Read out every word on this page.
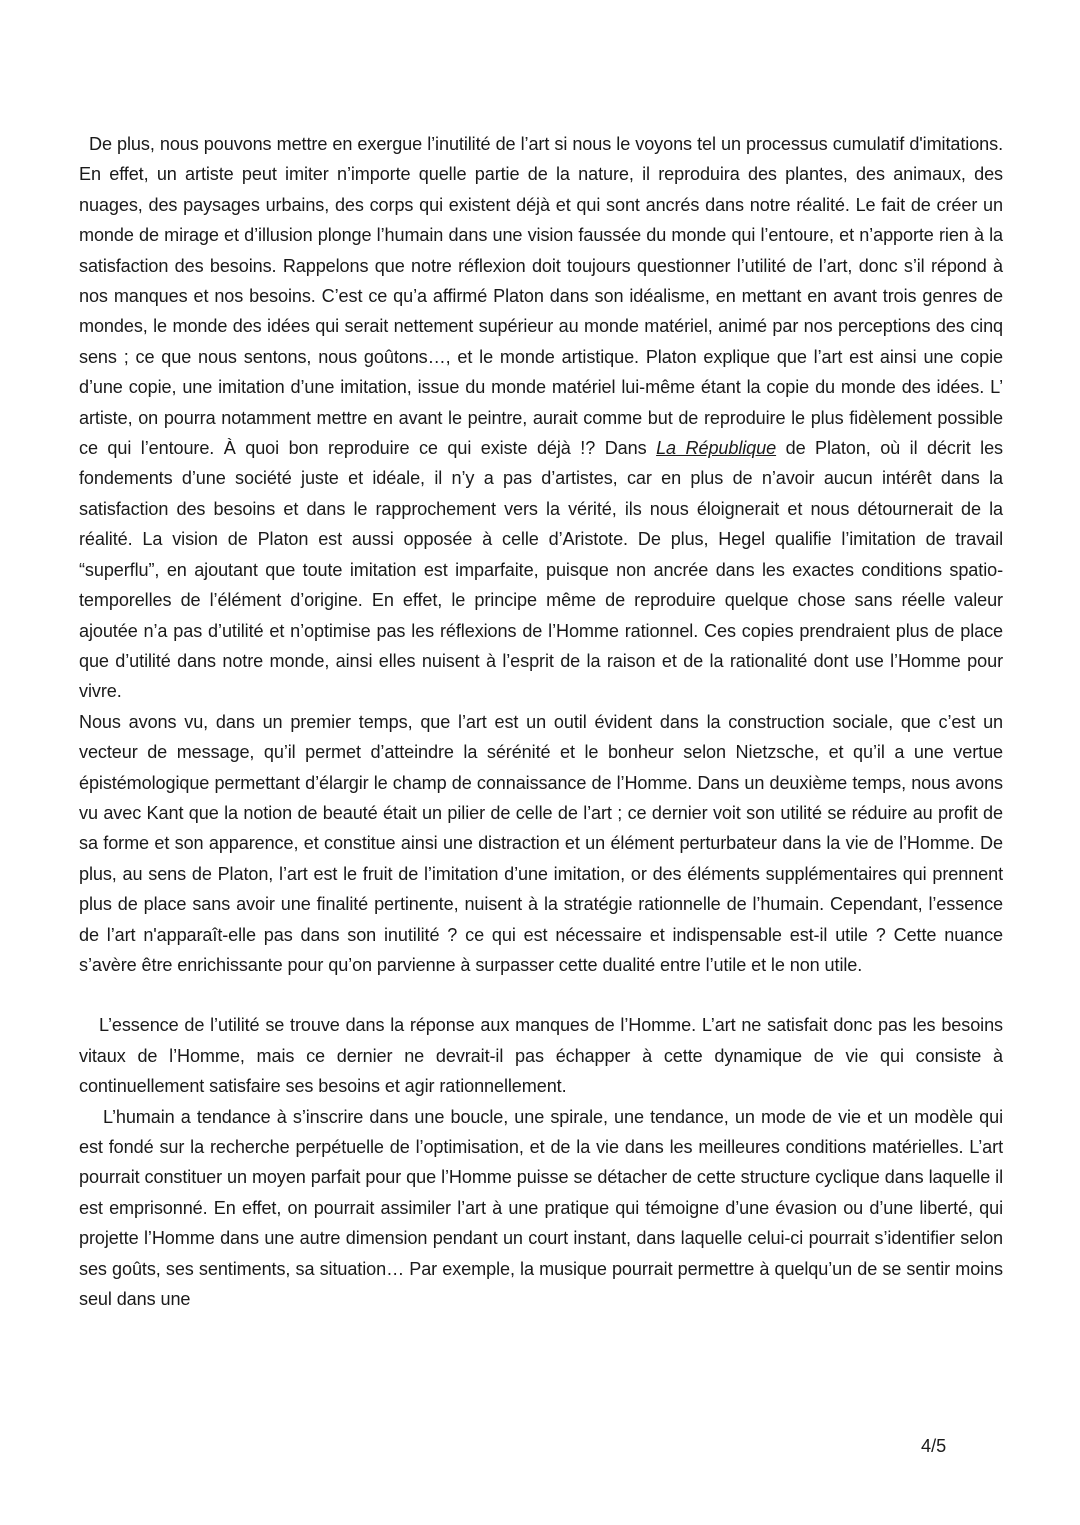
De plus, nous pouvons mettre en exergue l’inutilité de l’art si nous le voyons tel un processus cumulatif d'imitations. En effet, un artiste peut imiter n’importe quelle partie de la nature, il reproduira des plantes, des animaux, des nuages, des paysages urbains, des corps qui existent déjà et qui sont ancrés dans notre réalité. Le fait de créer un monde de mirage et d’illusion plonge l’humain dans une vision faussée du monde qui l’entoure, et n’apporte rien à la satisfaction des besoins. Rappelons que notre réflexion doit toujours questionner l’utilité de l’art, donc s’il répond à nos manques et nos besoins. C’est ce qu’a affirmé Platon dans son idéalisme, en mettant en avant trois genres de mondes, le monde des idées qui serait nettement supérieur au monde matériel, animé par nos perceptions des cinq sens ; ce que nous sentons, nous goûtons…, et le monde artistique. Platon explique que l’art est ainsi une copie d’une copie, une imitation d’une imitation, issue du monde matériel lui-même étant la copie du monde des idées. L’ artiste, on pourra notamment mettre en avant le peintre, aurait comme but de reproduire le plus fidèlement possible ce qui l’entoure. À quoi bon reproduire ce qui existe déjà !? Dans La République de Platon, où il décrit les fondements d’une société juste et idéale, il n’y a pas d’artistes, car en plus de n’avoir aucun intérêt dans la satisfaction des besoins et dans le rapprochement vers la vérité, ils nous éloignerait et nous détournerait de la réalité. La vision de Platon est aussi opposée à celle d’Aristote. De plus, Hegel qualifie l’imitation de travail “superflu”, en ajoutant que toute imitation est imparfaite, puisque non ancrée dans les exactes conditions spatio-temporelles de l’élément d’origine. En effet, le principe même de reproduire quelque chose sans réelle valeur ajoutée n’a pas d’utilité et n’optimise pas les réflexions de l’Homme rationnel. Ces copies prendraient plus de place que d’utilité dans notre monde, ainsi elles nuisent à l’esprit de la raison et de la rationalité dont use l’Homme pour vivre.

Nous avons vu, dans un premier temps, que l’art est un outil évident dans la construction sociale, que c’est un vecteur de message, qu’il permet d’atteindre la sérénité et le bonheur selon Nietzsche, et qu’il a une vertue épistémologique permettant d’élargir le champ de connaissance de l’Homme. Dans un deuxième temps, nous avons vu avec Kant que la notion de beauté était un pilier de celle de l’art ; ce dernier voit son utilité se réduire au profit de sa forme et son apparence, et constitue ainsi une distraction et un élément perturbateur dans la vie de l’Homme. De plus, au sens de Platon, l’art est le fruit de l’imitation d’une imitation, or des éléments supplémentaires qui prennent plus de place sans avoir une finalité pertinente, nuisent à la stratégie rationnelle de l’humain. Cependant, l’essence de l’art n'apparaît-elle pas dans son inutilité ? ce qui est nécessaire et indispensable est-il utile ? Cette nuance s’avère être enrichissante pour qu’on parvienne à surpasser cette dualité entre l’utile et le non utile.

L’essence de l’utilité se trouve dans la réponse aux manques de l’Homme. L’art ne satisfait donc pas les besoins vitaux de l’Homme, mais ce dernier ne devrait-il pas échapper à cette dynamique de vie qui consiste à continuellement satisfaire ses besoins et agir rationnellement.

L’humain a tendance à s’inscrire dans une boucle, une spirale, une tendance, un mode de vie et un modèle qui est fondé sur la recherche perpétuelle de l’optimisation, et de la vie dans les meilleures conditions matérielles. L’art pourrait constituer un moyen parfait pour que l’Homme puisse se détacher de cette structure cyclique dans laquelle il est emprisonné. En effet, on pourrait assimiler l’art à une pratique qui témoigne d’une évasion ou d’une liberté, qui projette l’Homme dans une autre dimension pendant un court instant, dans laquelle celui-ci pourrait s’identifier selon ses goûts, ses sentiments, sa situation… Par exemple, la musique pourrait permettre à quelqu’un de se sentir moins seul dans une

4/5
